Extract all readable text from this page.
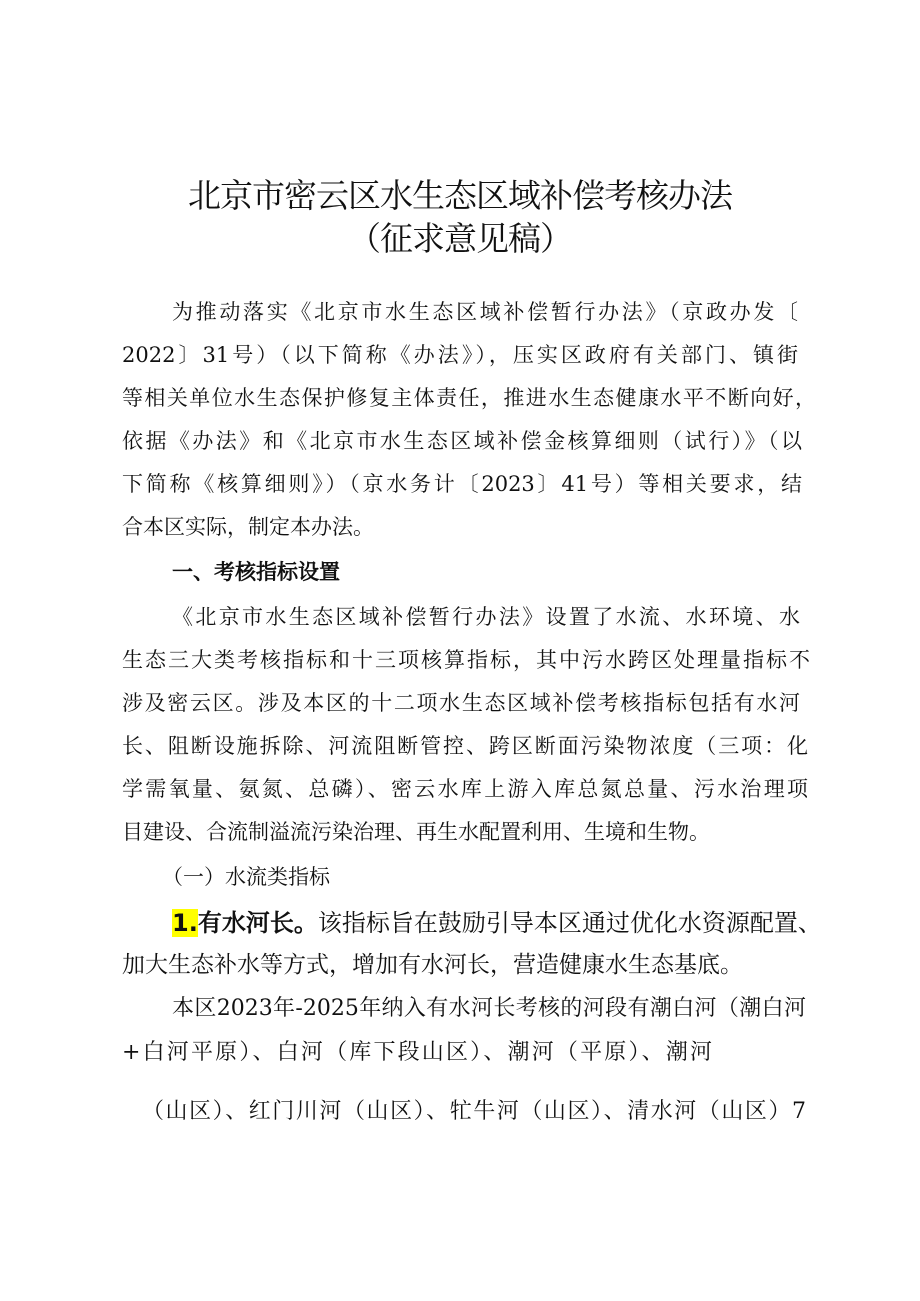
北京市密云区水生态区域补偿考核办法
（征求意见稿）
为推动落实《北京市水生态区域补偿暂行办法》（京政办发〔
2022〕31号）（以下简称《办法》），压实区政府有关部门、镇街
等相关单位水生态保护修复主体责任，推进水生态健康水平不断向好，
依据《办法》和《北京市水生态区域补偿金核算细则（试行）》（以
下简称《核算细则》）（京水务计〔2023〕41号）等相关要求，结
合本区实际，制定本办法。
一、考核指标设置
《北京市水生态区域补偿暂行办法》设置了水流、水环境、水
生态三大类考核指标和十三项核算指标，其中污水跨区处理量指标不
涉及密云区。涉及本区的十二项水生态区域补偿考核指标包括有水河
长、阻断设施拆除、河流阻断管控、跨区断面污染物浓度（三项：化
学需氧量、氨氮、总磷）、密云水库上游入库总氮总量、污水治理项
目建设、合流制溢流污染治理、再生水配置利用、生境和生物。
（一）水流类指标
1.有水河长。该指标旨在鼓励引导本区通过优化水资源配置、
加大生态补水等方式，增加有水河长，营造健康水生态基底。
本区2023年-2025年纳入有水河长考核的河段有潮白河（潮白河
+白河平原）、白河（库下段山区）、潮河（平原）、潮河
（山区）、红门川河（山区）、牤牛河（山区）、清水河（山区）7
